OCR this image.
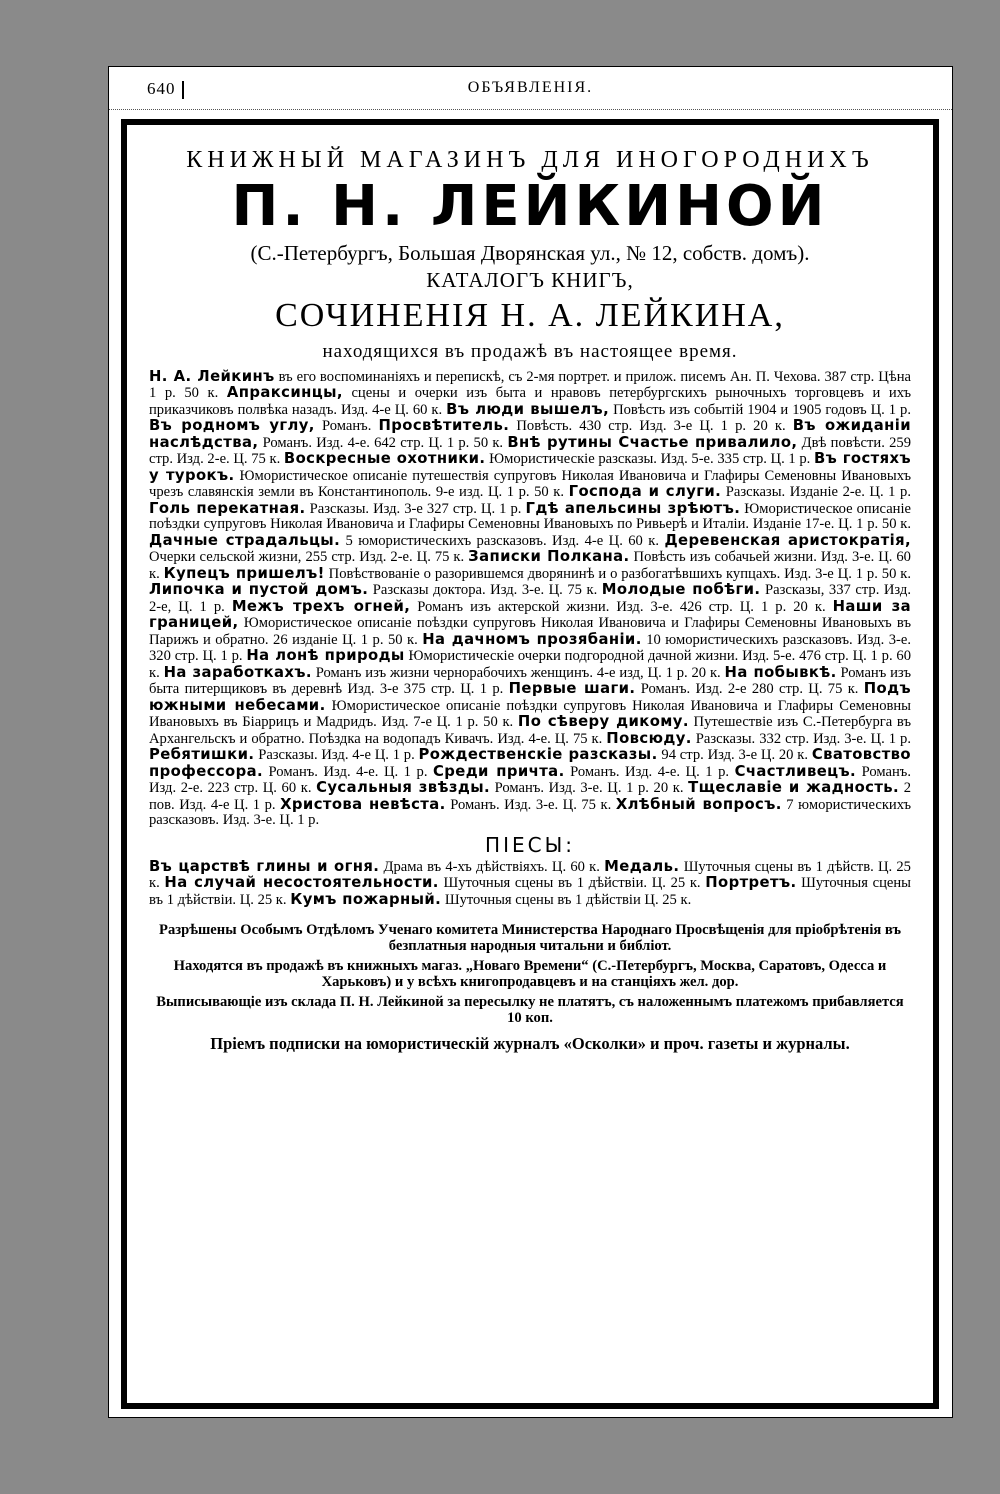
640	ОБЪЯВЛЕНІЯ.
КНИЖНЫЙ МАГАЗИНЪ ДЛЯ ИНОГОРОДНИХЪ
П. Н. ЛЕЙКИНОЙ
(С.-Петербургъ, Большая Дворянская ул., № 12, собств. домъ).
КАТАЛОГЪ КНИГЪ,
СОЧИНЕНІЯ Н. А. ЛЕЙКИНА,
находящихся въ продажѣ въ настоящее время.
Н. А. Лейкинъ въ его воспоминаніяхъ и перепискѣ, съ 2-мя портрет. и прилож. писемъ Ан. П. Чехова. 387 стр. Цѣна 1 р. 50 к. Апраксинцы, сцены и очерки изъ быта и нравовъ петербургскихъ рыночныхъ торговцевъ и ихъ приказчиковъ полвѣка назадъ. Изд. 4-е Ц. 60 к. Въ люди вышелъ, Повѣсть изъ событій 1904 и 1905 годовъ Ц. 1 р. Въ родномъ углу, Романъ. Просвѣтитель. Повѣсть. 430 стр. Изд. 3-е Ц. 1 р. 20 к. Въ ожиданіи наслѣдства, Романъ. Изд. 4-е. 642 стр. Ц. 1 р. 50 к. Внѣ рутины Счастье привалило, Двѣ повѣсти. 259 стр. Изд. 2-е. Ц. 75 к. Воскресные охотники. Юмористическіе разсказы. Изд. 5-е. 335 стр. Ц. 1 р. Въ гостяхъ у турокъ. Юмористическое описаніе путешествія супруговъ Николая Ивановича и Глафиры Семеновны Ивановыхъ чрезъ славянскія земли въ Константинополь. 9-е изд. Ц. 1 р. 50 к. Господа и слуги. Разсказы. Изданіе 2-е. Ц. 1 р. Голь перекатная. Разсказы. Изд. 3-е 327 стр. Ц. 1 р. Гдѣ апельсины зрѣютъ. Юмористическое описаніе поѣздки супруговъ Николая Ивановича и Глафиры Семеновны Ивановыхъ по Ривьерѣ и Италіи. Изданіе 17-е. Ц. 1 р. 50 к. Дачные страдальцы. 5 юмористическихъ разсказовъ. Изд. 4-е Ц. 60 к. Деревенская аристократія, Очерки сельской жизни, 255 стр. Изд. 2-е. Ц. 75 к. Записки Полкана. Повѣсть изъ собачьей жизни. Изд. 3-е. Ц. 60 к. Купецъ пришелъ! Повѣствованіе о разорившемся дворянинѣ и о разбогатѣвшихъ купцахъ. Изд. 3-е Ц. 1 р. 50 к. Липочка и пустой домъ. Разсказы доктора. Изд. 3-е. Ц. 75 к. Молодые побѣги. Разсказы, 337 стр. Изд. 2-е, Ц. 1 р. Межъ трехъ огней, Романъ изъ актерской жизни. Изд. 3-е. 426 стр. Ц. 1 р. 20 к. Наши за границей, Юмористическое описаніе поѣздки супруговъ Николая Ивановича и Глафиры Семеновны Ивановыхъ въ Парижъ и обратно. 26 изданіе Ц. 1 р. 50 к. На дачномъ прозябаніи. 10 юмористическихъ разсказовъ. Изд. 3-е. 320 стр. Ц. 1 р. На лонѣ природы Юмористическіе очерки подгородной дачной жизни. Изд. 5-е. 476 стр. Ц. 1 р. 60 к. На заработкахъ. Романъ изъ жизни чернорабочихъ женщинъ. 4-е изд, Ц. 1 р. 20 к. На побывкѣ. Романъ изъ быта питерщиковъ въ деревнѣ Изд. 3-е 375 стр. Ц. 1 р. Первые шаги. Романъ. Изд. 2-е 280 стр. Ц. 75 к. Подъ южными небесами. Юмористическое описаніе поѣздки супруговъ Николая Ивановича и Глафиры Семеновны Ивановыхъ въ Біаррицъ и Мадридъ. Изд. 7-е Ц. 1 р. 50 к. По сѣверу дикому. Путешествіе изъ С.-Петербурга въ Архангельскъ и обратно. Поѣздка на водопадъ Кивачъ. Изд. 4-е. Ц. 75 к. Повсюду. Разсказы. 332 стр. Изд. 3-е. Ц. 1 р. Ребятишки. Разсказы. Изд. 4-е Ц. 1 р. Рождественскіе разсказы. 94 стр. Изд. 3-е Ц. 20 к. Сватовство профессора. Романъ. Изд. 4-е. Ц. 1 р. Среди причта. Романъ. Изд. 4-е. Ц. 1 р. Счастливецъ. Романъ. Изд. 2-е. 223 стр. Ц. 60 к. Сусальныя звѣзды. Романъ. Изд. 3-е. Ц. 1 р. 20 к. Тщеславіе и жадность. 2 пов. Изд. 4-е Ц. 1 р. Христова невѣста. Романъ. Изд. 3-е. Ц. 75 к. Хлѣбный вопросъ. 7 юмористическихъ разсказовъ. Изд. 3-е. Ц. 1 р.
ПІЕСЫ:
Въ царствѣ глины и огня. Драма въ 4-хъ дѣйствіяхъ. Ц. 60 к. Медаль. Шуточныя сцены въ 1 дѣйств. Ц. 25 к. На случай несостоятельности. Шуточныя сцены въ 1 дѣйствіи. Ц. 25 к. Портретъ. Шуточныя сцены въ 1 дѣйствіи. Ц. 25 к. Кумъ пожарный. Шуточныя сцены въ 1 дѣйствіи Ц. 25 к.
Разрѣшены Особымъ Отдѣломъ Ученаго комитета Министерства Народнаго Просвѣщенія для пріобрѣтенія въ безплатныя народныя читальни и библіот.
Находятся въ продажѣ въ книжныхъ магаз. „Новаго Времени“ (С.-Петербургъ, Москва, Саратовъ, Одесса и Харьковъ) и у всѣхъ книгопродавцевъ и на станціяхъ жел. дор.
Выписывающіе изъ склада П. Н. Лейкиной за пересылку не платятъ, съ наложеннымъ платежомъ прибавляется 10 коп.
Пріемъ подписки на юмористическій журналъ «Осколки» и проч. газеты и журналы.
